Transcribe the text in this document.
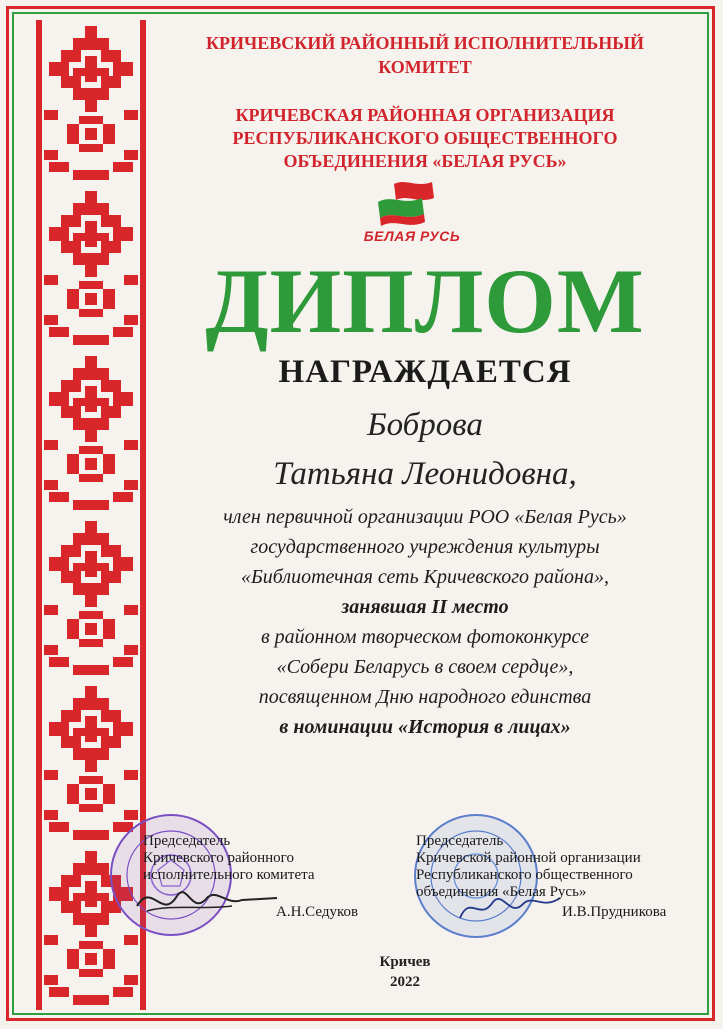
КРИЧЕВСКИЙ РАЙОННЫЙ ИСПОЛНИТЕЛЬНЫЙ
КОМИТЕТ
КРИЧЕВСКАЯ РАЙОННАЯ ОРГАНИЗАЦИЯ
РЕСПУБЛИКАНСКОГО ОБЩЕСТВЕННОГО
ОБЪЕДИНЕНИЯ «БЕЛАЯ РУСЬ»
БЕЛАЯ РУСЬ
ДИПЛОМ
НАГРАЖДАЕТСЯ
Боброва
Татьяна Леонидовна,
член первичной организации РОО «Белая Русь»
государственного учреждения культуры
«Библиотечная сеть Кричевского района»,
занявшая II место
в районном творческом фотоконкурсе
«Собери Беларусь в своем сердце»,
посвященном Дню народного единства
в номинации «История в лицах»
Председатель
Кричевского районного
исполнительного комитета
А.Н.Седуков
Председатель
Кричевской районной организации
Республиканского общественного
объединения «Белая Русь»
И.В.Прудникова
Кричев
2022
